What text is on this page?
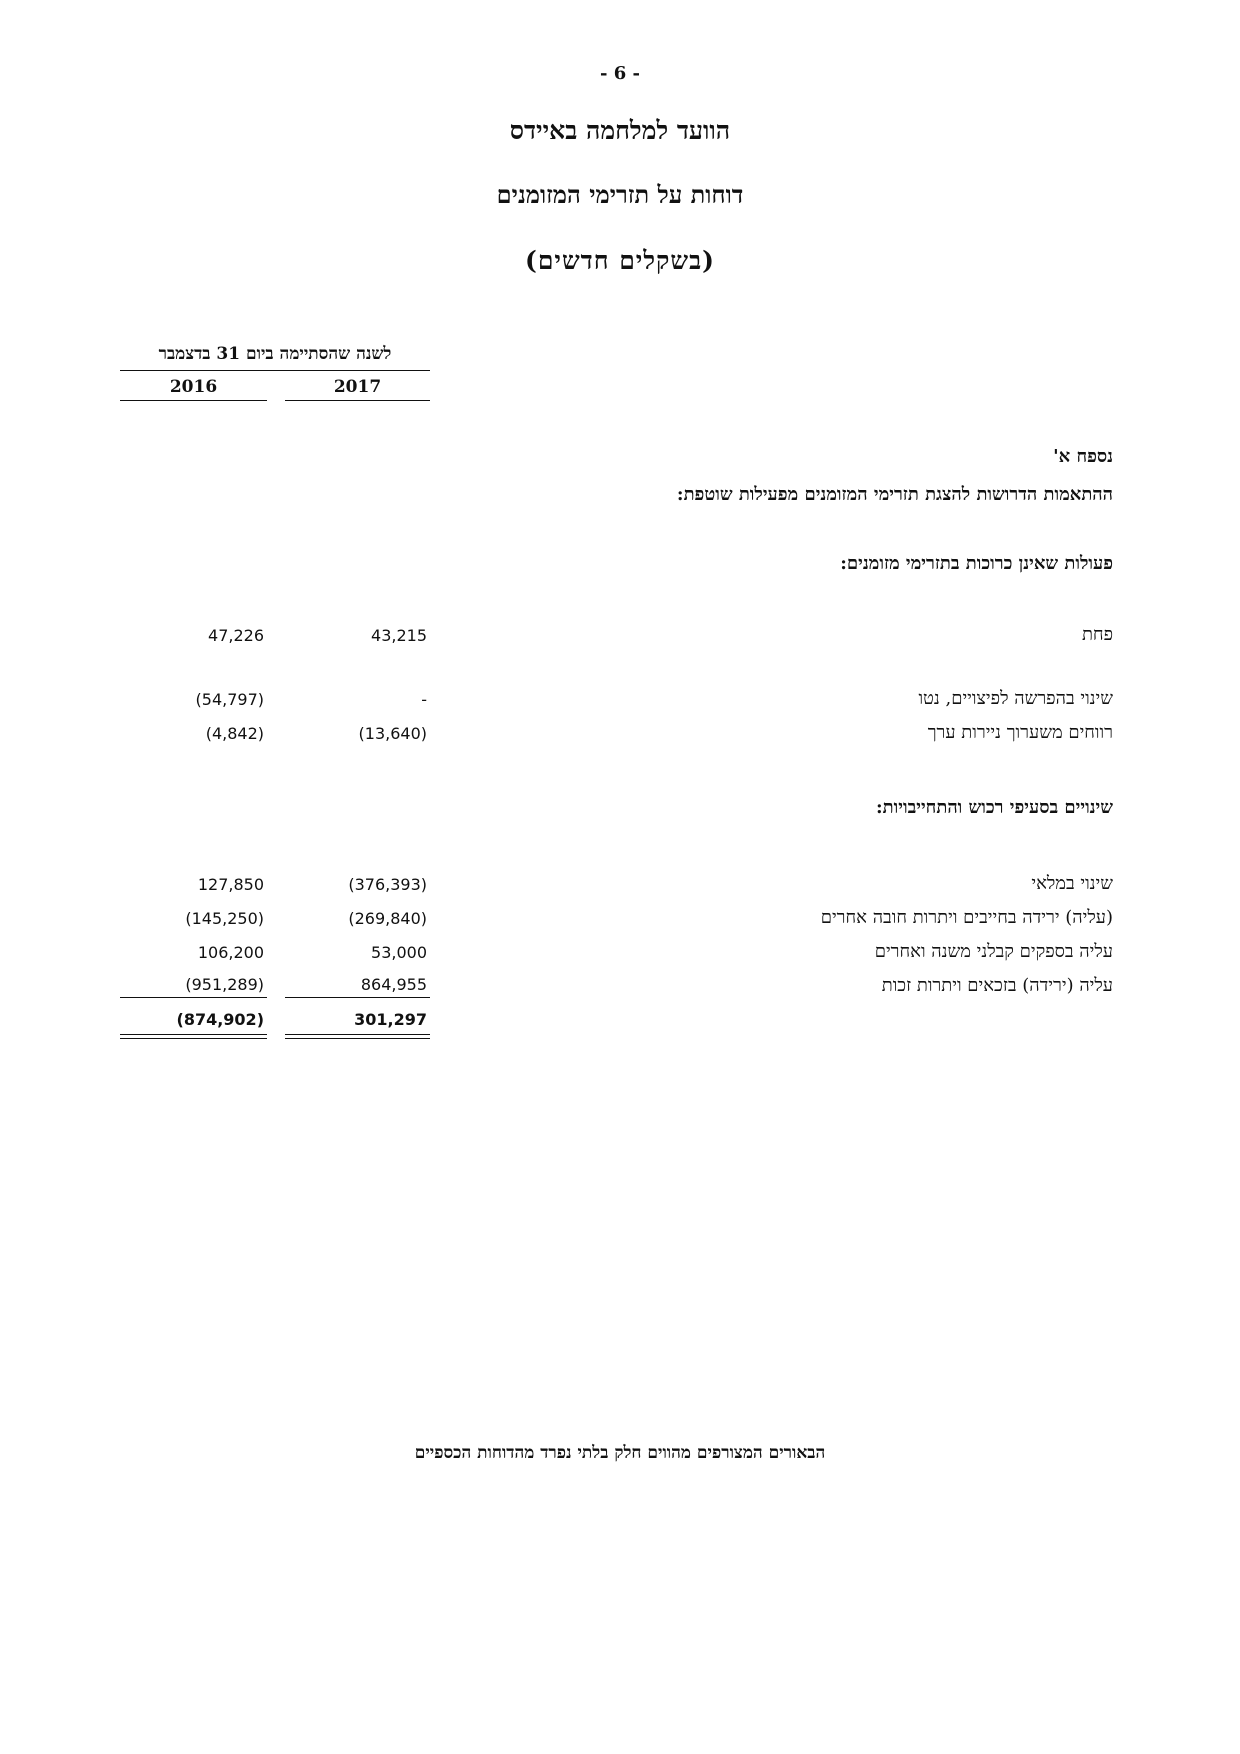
- 6 -
הוועד למלחמה באיידס
דוחות על תזרימי המזומנים
(בשקלים חדשים)
לשנה שהסתיימה ביום 31 בדצמבר
2017
2016
נספח א'
ההתאמות הדרושות להצגת תזרימי המזומנים מפעילות שוטפת:
פעולות שאינן כרוכות בתזרימי מזומנים:
פחת
43,215
47,226
שינוי בהפרשה לפיצויים, נטו
-
(54,797)
רווחים משערוך ניירות ערך
(13,640)
(4,842)
שינויים בסעיפי רכוש והתחייבויות:
שינוי במלאי
(376,393)
127,850
(עליה) ירידה בחייבים ויתרות חובה אחרים
(269,840)
(145,250)
עליה בספקים קבלני משנה ואחרים
53,000
106,200
עליה (ירידה) בזכאים ויתרות זכות
864,955
(951,289)
301,297
(874,902)
הבאורים המצורפים מהווים חלק בלתי נפרד מהדוחות הכספיים
